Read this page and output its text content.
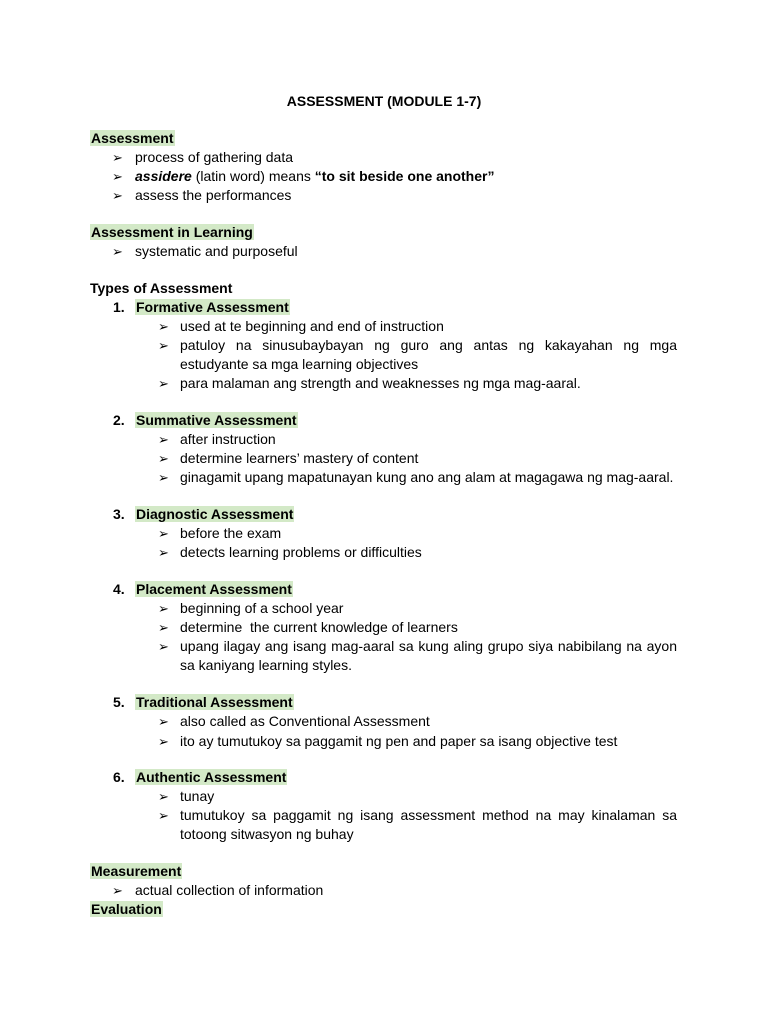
ASSESSMENT (MODULE 1-7)
Assessment
➢ process of gathering data
➢ assidere (latin word) means “to sit beside one another”
➢ assess the performances
Assessment in Learning
➢ systematic and purposeful
Types of Assessment
1. Formative Assessment
➢ used at te beginning and end of instruction
➢ patuloy na sinusubaybayan ng guro ang antas ng kakayahan ng mga estudyante sa mga learning objectives
➢ para malaman ang strength and weaknesses ng mga mag-aaral.
2. Summative Assessment
➢ after instruction
➢ determine learners’ mastery of content
➢ ginagamit upang mapatunayan kung ano ang alam at magagawa ng mag-aaral.
3. Diagnostic Assessment
➢ before the exam
➢ detects learning problems or difficulties
4. Placement Assessment
➢ beginning of a school year
➢ determine  the current knowledge of learners
➢ upang ilagay ang isang mag-aaral sa kung aling grupo siya nabibilang na ayon sa kaniyang learning styles.
5. Traditional Assessment
➢ also called as Conventional Assessment
➢ ito ay tumutukoy sa paggamit ng pen and paper sa isang objective test
6. Authentic Assessment
➢ tunay
➢ tumutukoy sa paggamit ng isang assessment method na may kinalaman sa totoong sitwasyon ng buhay
Measurement
➢ actual collection of information
Evaluation
